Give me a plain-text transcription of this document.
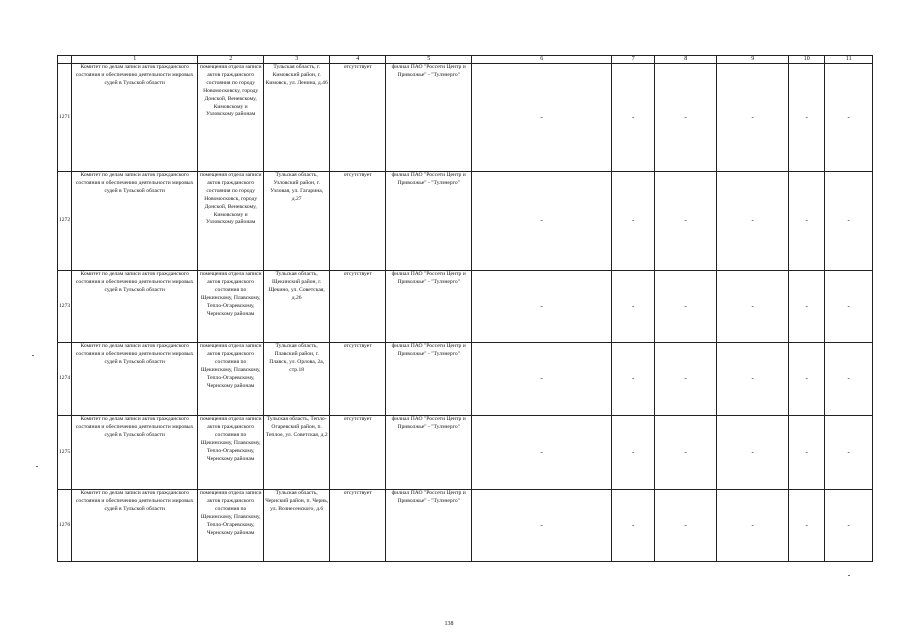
	1	2	3	4	5	6	7	8	9	10	11
1271	Комитет по делам записи актов гражданского состояния и обеспечению деятельности мировых судей в Тульской области	помещения отдела записи актов гражданского состояния по городу Новомосковску, городу Донской, Веневскому, Кимовскому и Узловскому районам	Тульская область, г. Кимовский район, г. Кимовск, ул. Ленина, д.46	отсутствует	филиал ПАО "Россети Центр и Приволжье" - "Тулэнерго"	-	-	-	-	-	-
1272	Комитет по делам записи актов гражданского состояния и обеспечению деятельности мировых судей в Тульской области	помещения отдела записи актов гражданского состояния по городу Новомосковск, городу Донской, Веневскому, Кимовскому и Узловскому районам	Тульская область, Узловский район, г. Узловая, ул. Гагарина, д.27	отсутствует	филиал ПАО "Россети Центр и Приволжье" - "Тулэнерго"	-	-	-	-	-	-
1273	Комитет по делам записи актов гражданского состояния и обеспечению деятельности мировых судей в Тульской области	помещения отдела записи актов гражданского состояния по Щекинскому, Плавскому, Тепло-Огаревскому, Чернскому районам	Тульская область, Щекинский район, г. Щекино, ул. Советская, д.26	отсутствует	филиал ПАО "Россети Центр и Приволжье" - "Тулэнерго"	-	-	-	-	-	-
1274	Комитет по делам записи актов гражданского состояния и обеспечению деятельности мировых судей в Тульской области	помещения отдела записи актов гражданского состояния по Щекинскому, Плавскому, Тепло-Огаревскому, Чернскому районам	Тульская область, Плавский район, г. Плавск, ул. Орлова, 2а, стр.18	отсутствует	филиал ПАО "Россети Центр и Приволжье" - "Тулэнерго"	-	-	-	-	-	-
1275	Комитет по делам записи актов гражданского состояния и обеспечению деятельности мировых судей в Тульской области	помещения отдела записи актов гражданского состояния по Щекинскому, Плавскому, Тепло-Огаревскому, Чернскому районам	Тульская область, Тепло-Огаревский район, п. Теплое, ул. Советская, д.2	отсутствует	филиал ПАО "Россети Центр и Приволжье" - "Тулэнерго"	-	-	-	-	-	-
1276	Комитет по делам записи актов гражданского состояния и обеспечению деятельности мировых судей в Тульской области	помещения отдела записи актов гражданского состояния по Щекинскому, Плавскому, Тепло-Огаревскому, Чернскому районам	Тульская область, Чернский район, п. Чернь, ул. Вознесенского, д.6	отсутствует	филиал ПАО "Россети Центр и Приволжье" - "Тулэнерго"	-	-	-	-	-	-
138
